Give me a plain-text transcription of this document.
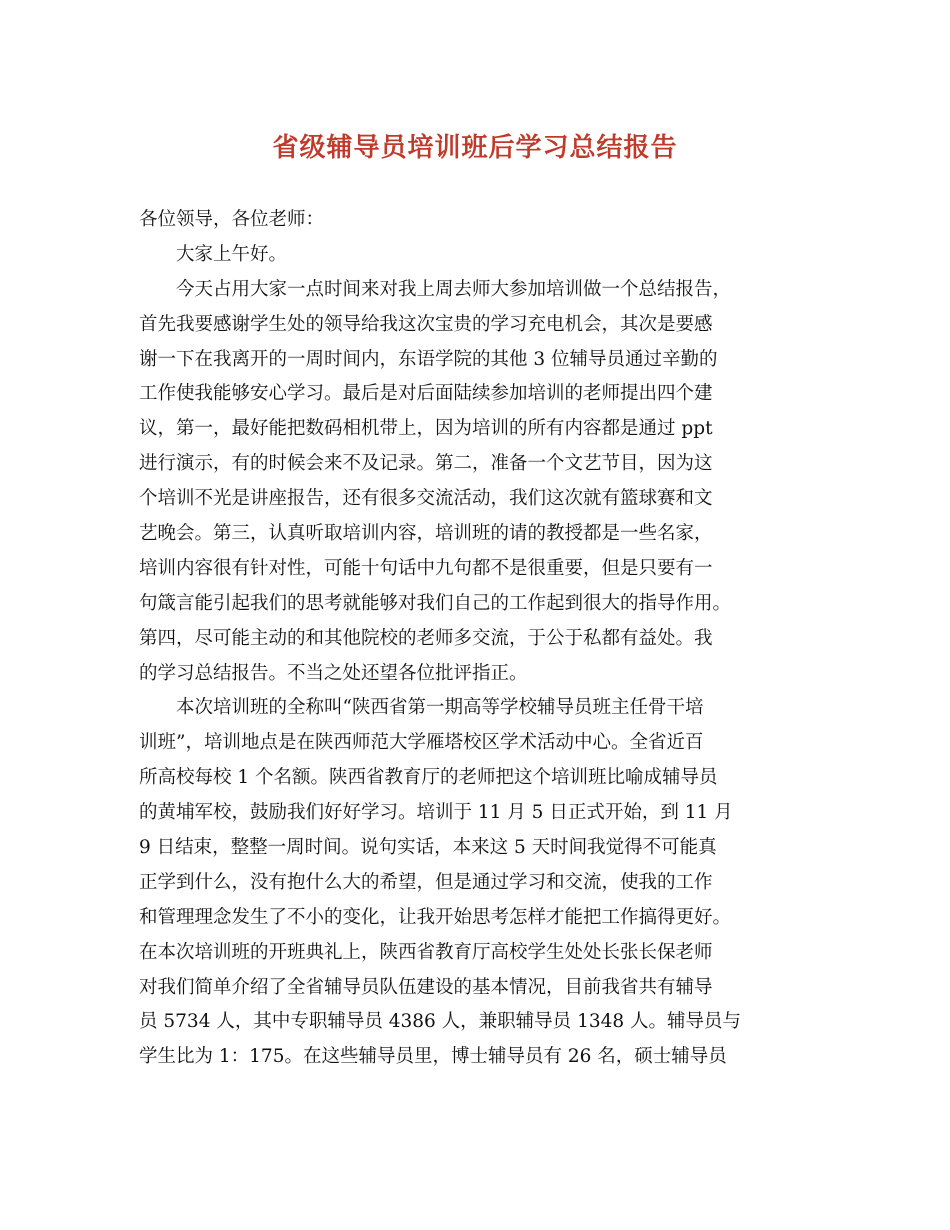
省级辅导员培训班后学习总结报告
各位领导，各位老师：
大家上午好。
今天占用大家一点时间来对我上周去师大参加培训做一个总结报告，
首先我要感谢学生处的领导给我这次宝贵的学习充电机会，其次是要感
谢一下在我离开的一周时间内，东语学院的其他 3 位辅导员通过辛勤的
工作使我能够安心学习。最后是对后面陆续参加培训的老师提出四个建
议，第一，最好能把数码相机带上，因为培训的所有内容都是通过 ppt
进行演示，有的时候会来不及记录。第二，准备一个文艺节目，因为这
个培训不光是讲座报告，还有很多交流活动，我们这次就有篮球赛和文
艺晚会。第三，认真听取培训内容，培训班的请的教授都是一些名家，
培训内容很有针对性，可能十句话中九句都不是很重要，但是只要有一
句箴言能引起我们的思考就能够对我们自己的工作起到很大的指导作用。
第四，尽可能主动的和其他院校的老师多交流，于公于私都有益处。我
的学习总结报告。不当之处还望各位批评指正。
本次培训班的全称叫“陕西省第一期高等学校辅导员班主任骨干培
训班”，培训地点是在陕西师范大学雁塔校区学术活动中心。全省近百
所高校每校 1 个名额。陕西省教育厅的老师把这个培训班比喻成辅导员
的黄埔军校，鼓励我们好好学习。培训于 11 月 5 日正式开始，到 11 月
9 日结束，整整一周时间。说句实话，本来这 5 天时间我觉得不可能真
正学到什么，没有抱什么大的希望，但是通过学习和交流，使我的工作
和管理理念发生了不小的变化，让我开始思考怎样才能把工作搞得更好。
在本次培训班的开班典礼上，陕西省教育厅高校学生处处长张长保老师
对我们简单介绍了全省辅导员队伍建设的基本情况，目前我省共有辅导
员 5734 人，其中专职辅导员 4386 人，兼职辅导员 1348 人。辅导员与
学生比为 1：175。在这些辅导员里，博士辅导员有 26 名，硕士辅导员
